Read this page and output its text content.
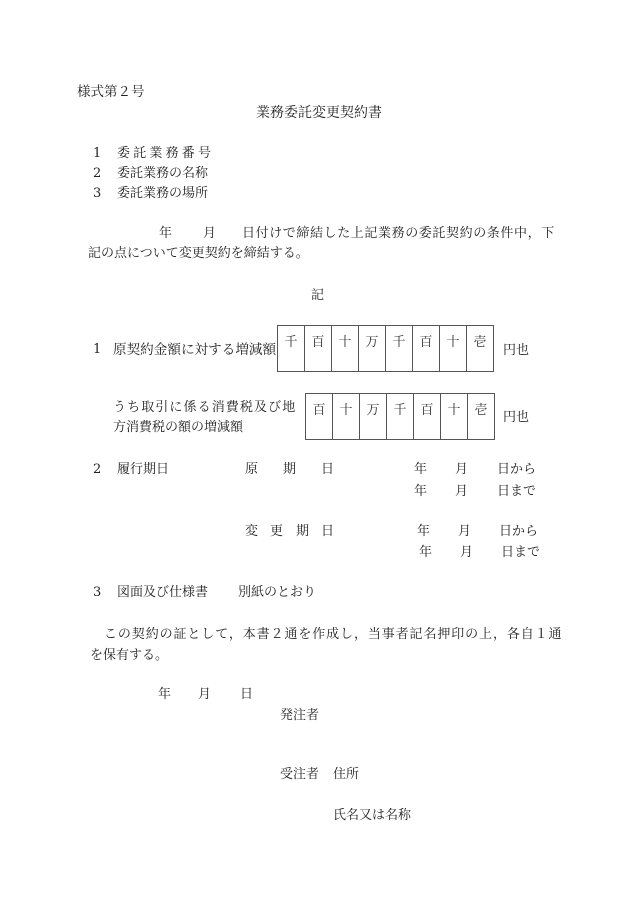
様式第２号
業務委託変更契約書
1 委託業務番号
2 委託業務の名称
3 委託業務の場所
年 月 日付けで締結した上記業務の委託契約の条件中，下
記の点について変更契約を締結する。
記
1 原契約金額に対する増減額 千	百	十	万	千	百	十	壱
円也
うち取引に係る消費税及び地
方消費税の額の増減額
百	十	万	千	百	十	壱	円也
2 履行期日	原 期 日	年 月 日から
年 月 日まで
変 更 期 日	年 月 日から
年 月 日まで
3 図面及び仕様書 別紙のとおり
この契約の証として，本書２通を作成し，当事者記名押印の上，各自１通
を保有する。
年 月 日
発注者
受注者 住所
氏名又は名称
